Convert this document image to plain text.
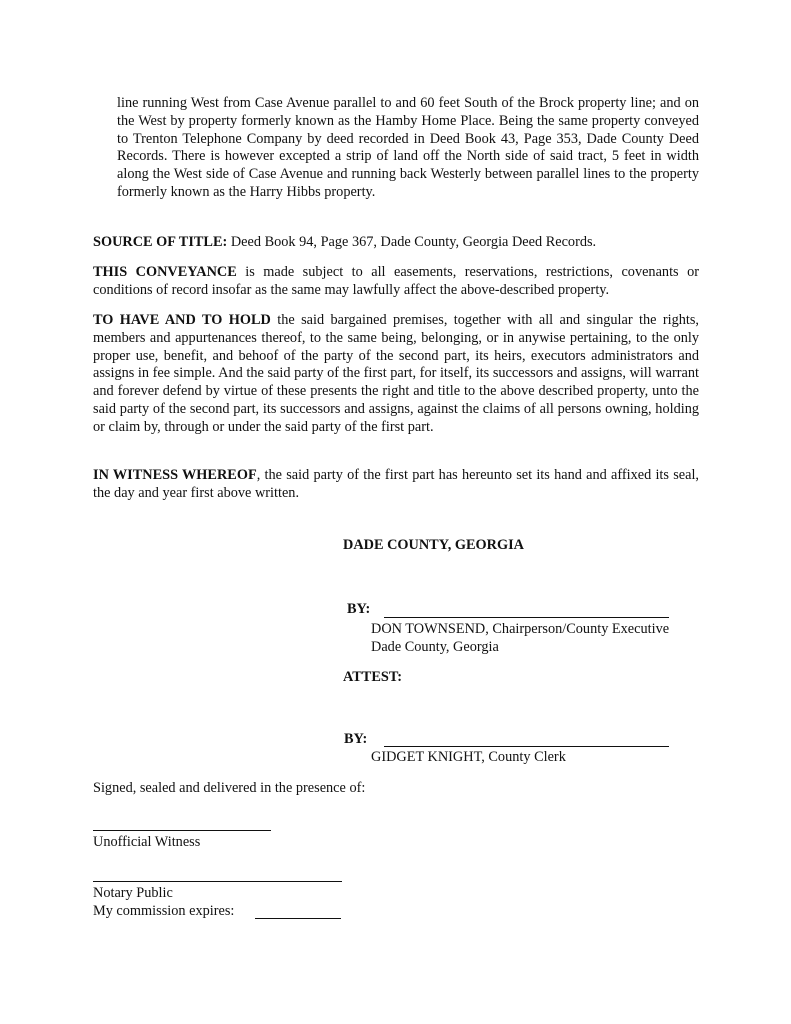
line running West from Case Avenue parallel to and 60 feet South of the Brock property line; and on the West by property formerly known as the Hamby Home Place. Being the same property conveyed to Trenton Telephone Company by deed recorded in Deed Book 43, Page 353, Dade County Deed Records. There is however excepted a strip of land off the North side of said tract, 5 feet in width along the West side of Case Avenue and running back Westerly between parallel lines to the property formerly known as the Harry Hibbs property.

SOURCE OF TITLE: Deed Book 94, Page 367, Dade County, Georgia Deed Records.

THIS CONVEYANCE is made subject to all easements, reservations, restrictions, covenants or conditions of record insofar as the same may lawfully affect the above-described property.

TO HAVE AND TO HOLD the said bargained premises, together with all and singular the rights, members and appurtenances thereof, to the same being, belonging, or in anywise pertaining, to the only proper use, benefit, and behoof of the party of the second part, its heirs, executors administrators and assigns in fee simple. And the said party of the first part, for itself, its successors and assigns, will warrant and forever defend by virtue of these presents the right and title to the above described property, unto the said party of the second part, its successors and assigns, against the claims of all persons owning, holding or claim by, through or under the said party of the first part.

IN WITNESS WHEREOF, the said party of the first part has hereunto set its hand and affixed its seal, the day and year first above written.

DADE COUNTY, GEORGIA
BY:
DON TOWNSEND, Chairperson/County Executive
Dade County, Georgia
ATTEST:
BY:
GIDGET KNIGHT, County Clerk
Signed, sealed and delivered in the presence of:
Unofficial Witness
Notary Public
My commission expires:
